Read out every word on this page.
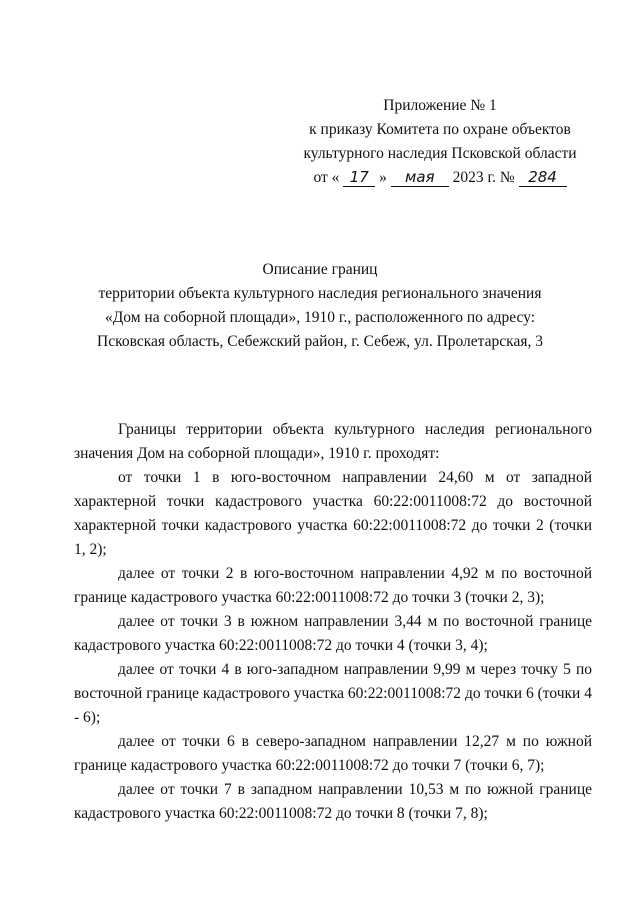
Приложение № 1
к приказу Комитета по охране объектов
культурного наследия Псковской области
от « 17 » мая 2023 г. № 284
Описание границ
территории объекта культурного наследия регионального значения
«Дом на соборной площади», 1910 г., расположенного по адресу:
Псковская область, Себежский район, г. Себеж, ул. Пролетарская, 3

Границы территории объекта культурного наследия регионального значения Дом на соборной площади», 1910 г. проходят:

от точки 1 в юго-восточном направлении 24,60 м от западной характерной точки кадастрового участка 60:22:0011008:72 до восточной характерной точки кадастрового участка 60:22:0011008:72 до точки 2 (точки 1, 2);

далее от точки 2 в юго-восточном направлении 4,92 м по восточной границе кадастрового участка 60:22:0011008:72 до точки 3 (точки 2, 3);

далее от точки 3 в южном направлении 3,44 м по восточной границе кадастрового участка 60:22:0011008:72 до точки 4 (точки 3, 4);

далее от точки 4 в юго-западном направлении 9,99 м через точку 5 по восточной границе кадастрового участка 60:22:0011008:72 до точки 6 (точки 4 - 6);

далее от точки 6 в северо-западном направлении 12,27 м по южной границе кадастрового участка 60:22:0011008:72 до точки 7 (точки 6, 7);

далее от точки 7 в западном направлении 10,53 м по южной границе кадастрового участка 60:22:0011008:72 до точки 8 (точки 7, 8);
